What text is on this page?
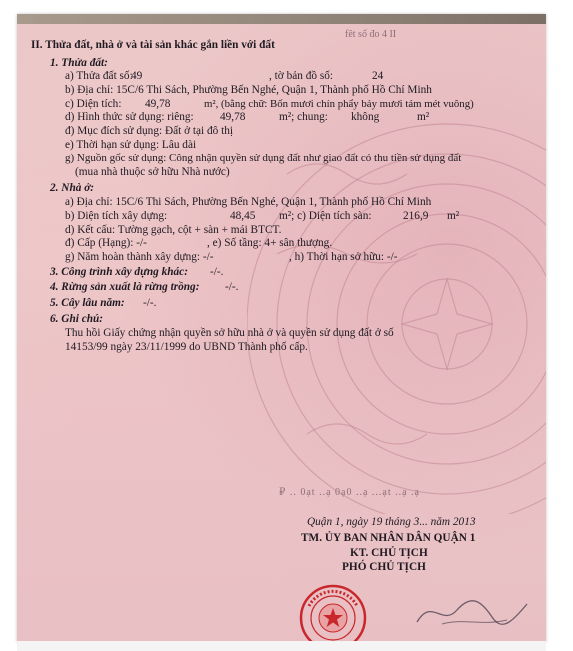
fêt số đo 4 II
II. Thửa đất, nhà ở và tài sản khác gắn liền với đất
1. Thửa đất:
a) Thửa đất số:
49	, tờ bản đồ số:	24
b) Địa chỉ: 15C/6 Thi Sách, Phường Bến Nghé, Quận 1, Thành phố Hồ Chí Minh
c) Diện tích: 49,78	m², (bằng chữ: Bốn mươi chín phẩy bảy mươi tám mét vuông)
d) Hình thức sử dụng: riêng: 49,78	m²; chung: không	m²
đ) Mục đích sử dụng: Đất ở tại đô thị
e) Thời hạn sử dụng: Lâu dài
g) Nguồn gốc sử dụng: Công nhận quyền sử dụng đất như giao đất có thu tiền sử dụng đất
(mua nhà thuộc sở hữu Nhà nước)
2. Nhà ở:
a) Địa chỉ: 15C/6 Thi Sách, Phường Bến Nghé, Quận 1, Thành phố Hồ Chí Minh
b) Diện tích xây dựng:	48,45 m²; c) Diện tích sàn:	216,9 m²
d) Kết cấu: Tường gạch, cột + sàn + mái BTCT.
đ) Cấp (Hạng): -/-	, e) Số tầng: 4+ sân thượng.
g) Năm hoàn thành xây dựng: -/-	, h) Thời hạn sở hữu: -/-
3. Công trình xây dựng khác: -/-.
4. Rừng sản xuất là rừng trồng: -/-.
5. Cây lâu năm: -/-.
6. Ghi chú:
Thu hồi Giấy chứng nhận quyền sở hữu nhà ở và quyền sử dụng đất ở số
14153/99 ngày 23/11/1999 do UBND Thành phố cấp.
₽ .. 0ạt ..ạ 0ạ0 ..ạ ...ạt ..ạ .ạ
Quận 1, ngày 19 tháng 3... năm 2013
TM. ỦY BAN NHÂN DÂN QUẬN 1
KT. CHỦ TỊCH
PHÓ CHỦ TỊCH
